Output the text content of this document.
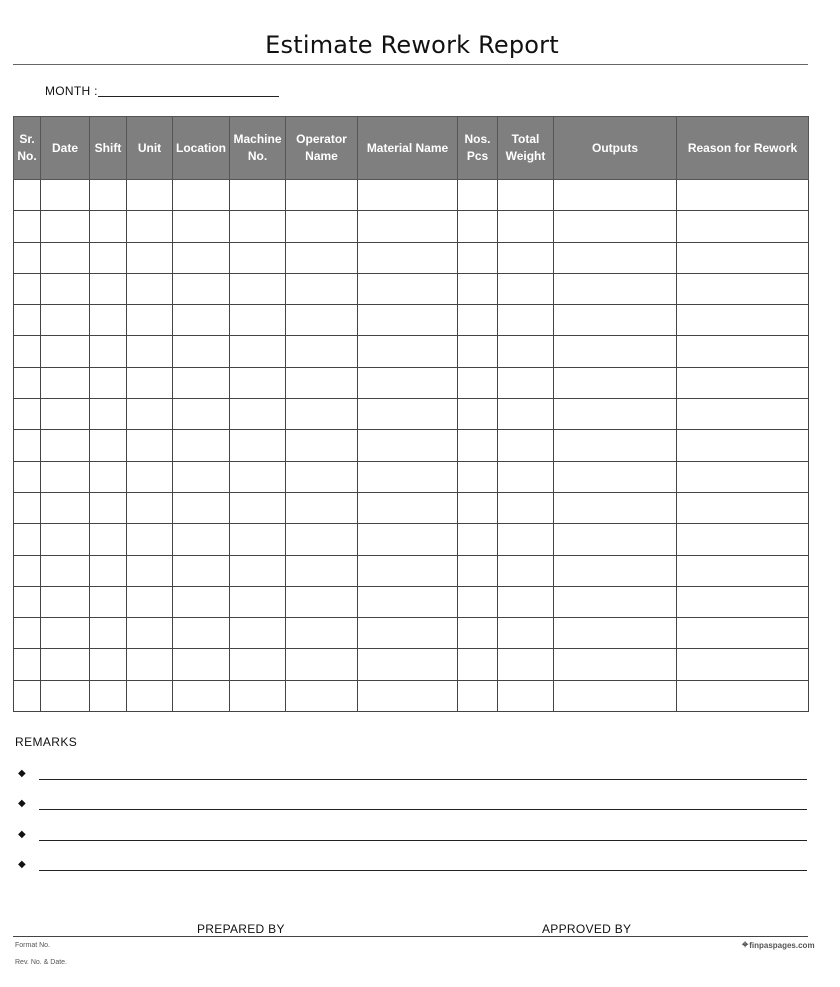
Estimate Rework Report
MONTH :
Sr. No.	Date	Shift	Unit	Location	Machine No.	Operator Name	Material Name	Nos. Pcs	Total Weight	Outputs	Reason for Rework

REMARKS
◆
◆
◆
◆
PREPARED BY	APPROVED BY
Format No.
Rev. No. & Date.
⌖finpaspages.com
